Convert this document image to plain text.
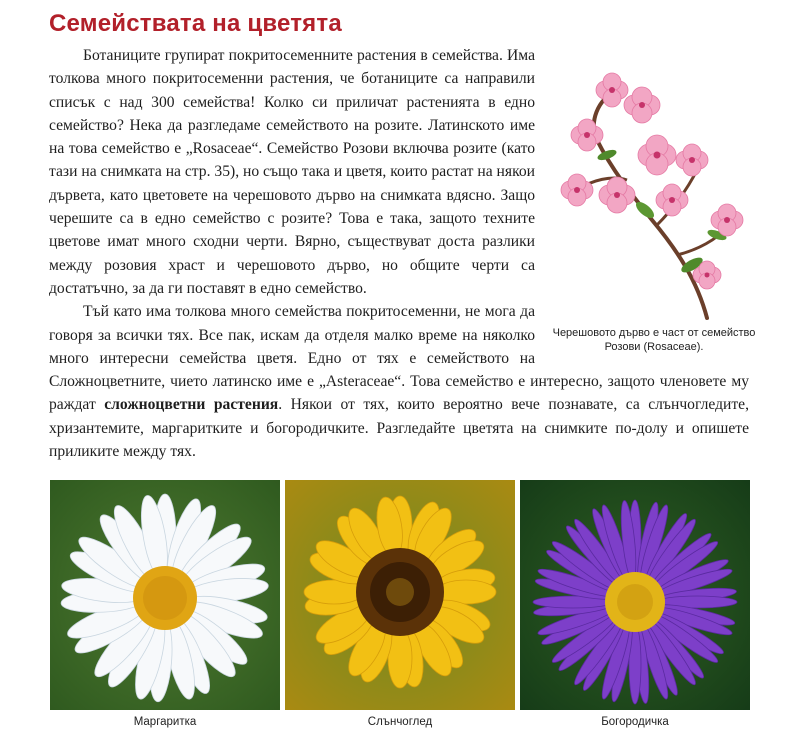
Семействата на цветята
Черешовото дърво е част от семейство Розови (Rosaceae).

Ботаниците групират покритосеменните растения в семейства. Има толкова много покритосеменни растения, че ботаниците са направили списък с над 300 семейства! Колко си приличат растенията в едно семейство? Нека да разгледаме семейството на розите. Латинското име на това семейство е „Rosaceae“. Семейство Розови включва розите (като тази на снимката на стр. 35), но също така и цветя, които растат на някои дървета, като цветовете на черешовото дърво на снимката вдясно. Защо черешите са в едно семейство с розите? Това е така, защото техните цветове имат много сходни черти. Вярно, съществуват доста разлики между розовия храст и черешовото дърво, но общите черти са достатъчно, за да ги поставят в едно семейство.

Тъй като има толкова много семейства покритосеменни, не мога да говоря за всички тях. Все пак, искам да отделя малко време на няколко много интересни семейства цветя. Едно от тях е семейството на Сложноцветните, чието латинско име е „Asteraceae“. Това семейство е интересно, защото членовете му раждат сложноцветни растения. Някои от тях, които вероятно вече познавате, са слънчогледите, хризантемите, маргаритките и богородичките. Разгледайте цветята на снимките по-долу и опишете приликите между тях.

Маргаритка	Слънчоглед	Богородичка
